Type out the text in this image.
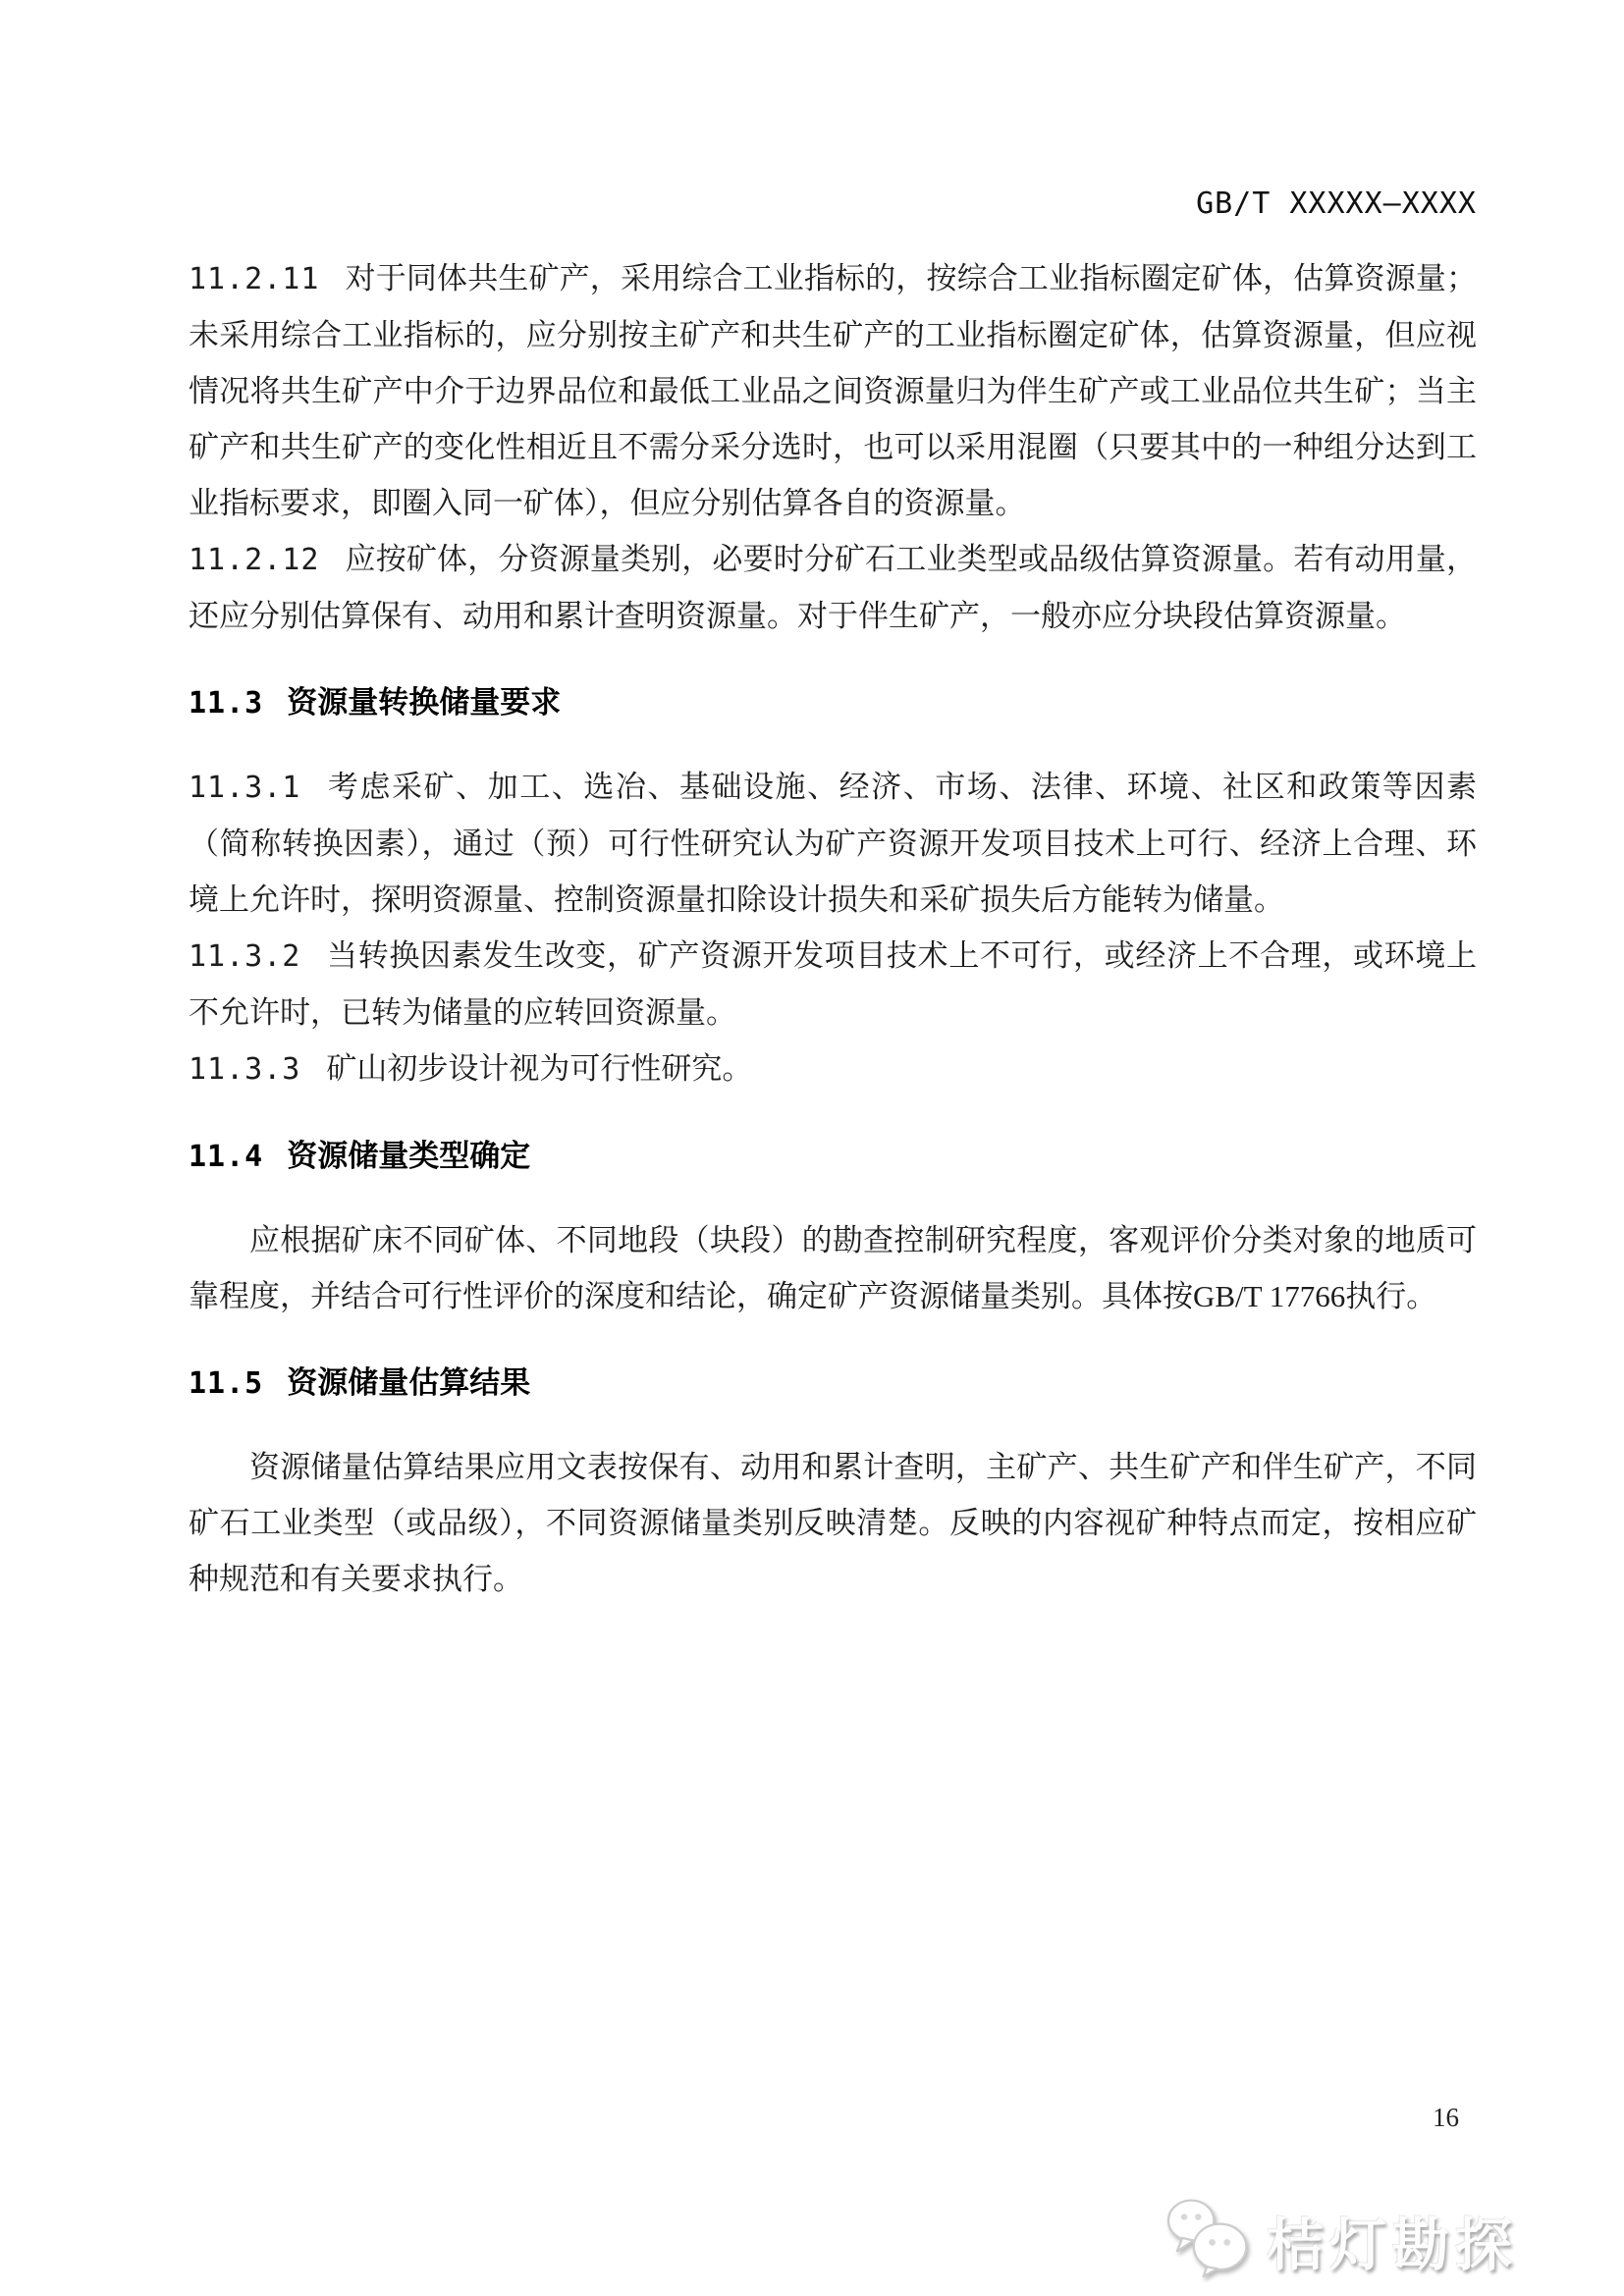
GB/T XXXXX—XXXX

11.2.11 对于同体共生矿产，采用综合工业指标的，按综合工业指标圈定矿体，估算资源量；未采用综合工业指标的，应分别按主矿产和共生矿产的工业指标圈定矿体，估算资源量，但应视情况将共生矿产中介于边界品位和最低工业品之间资源量归为伴生矿产或工业品位共生矿；当主矿产和共生矿产的变化性相近且不需分采分选时，也可以采用混圈（只要其中的一种组分达到工业指标要求，即圈入同一矿体），但应分别估算各自的资源量。

11.2.12 应按矿体，分资源量类别，必要时分矿石工业类型或品级估算资源量。若有动用量，还应分别估算保有、动用和累计查明资源量。对于伴生矿产，一般亦应分块段估算资源量。

11.3 资源量转换储量要求

11.3.1 考虑采矿、加工、选冶、基础设施、经济、市场、法律、环境、社区和政策等因素（简称转换因素），通过（预）可行性研究认为矿产资源开发项目技术上可行、经济上合理、环境上允许时，探明资源量、控制资源量扣除设计损失和采矿损失后方能转为储量。

11.3.2 当转换因素发生改变，矿产资源开发项目技术上不可行，或经济上不合理，或环境上不允许时，已转为储量的应转回资源量。

11.3.3 矿山初步设计视为可行性研究。

11.4 资源储量类型确定

应根据矿床不同矿体、不同地段（块段）的勘查控制研究程度，客观评价分类对象的地质可靠程度，并结合可行性评价的深度和结论，确定矿产资源储量类别。具体按GB/T 17766执行。

11.5 资源储量估算结果

资源储量估算结果应用文表按保有、动用和累计查明，主矿产、共生矿产和伴生矿产，不同矿石工业类型（或品级），不同资源储量类别反映清楚。反映的内容视矿种特点而定，按相应矿种规范和有关要求执行。

16
桔灯勘探
